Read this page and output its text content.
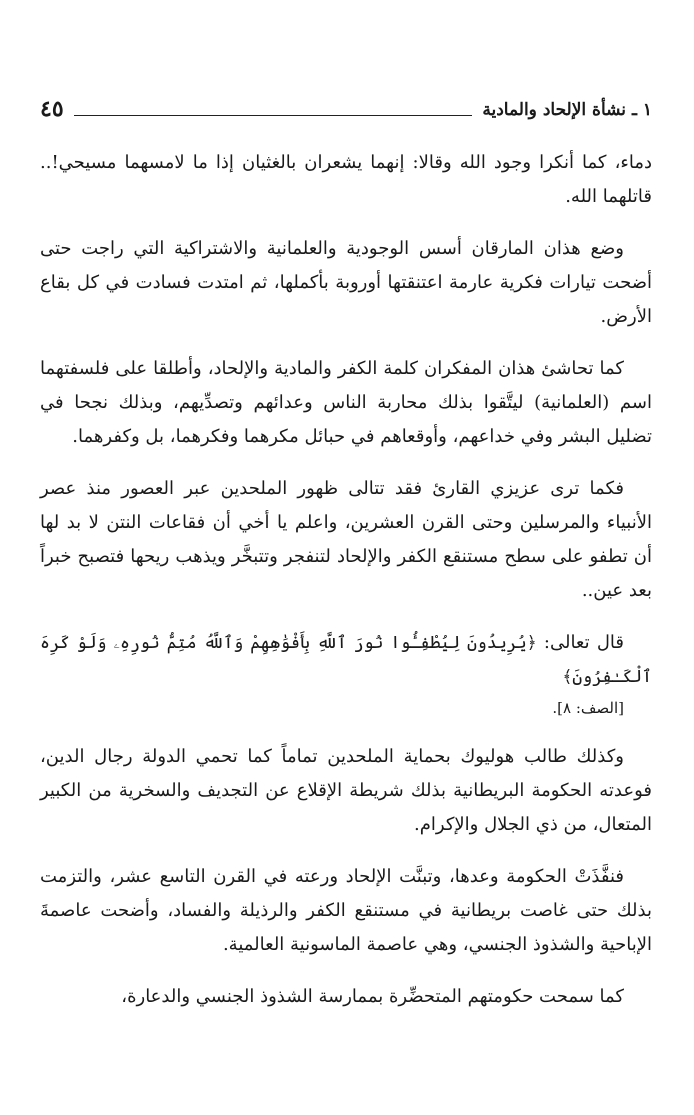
١ ـ نشأة الإلحاد والمادية
٤٥

دماء، كما أنكرا وجود الله وقالا: إنهما يشعران بالغثيان إذا ما لامسهما مسيحي!.. قاتلهما الله.

وضع هذان المارقان أسس الوجودية والعلمانية والاشتراكية التي راجت حتى أضحت تيارات فكرية عارمة اعتنقتها أوروبة بأكملها، ثم امتدت فسادت في كل بقاع الأرض.

كما تحاشئ هذان المفكران كلمة الكفر والمادية والإلحاد، وأطلقا على فلسفتهما اسم (العلمانية) ليتَّقوا بذلك محاربة الناس وعدائهم وتصدِّيهم، وبذلك نجحا في تضليل البشر وفي خداعهم، وأوقعاهم في حبائل مكرهما وفكرهما، بل وكفرهما.

فكما ترى عزيزي القارئ فقد تتالى ظهور الملحدين عبر العصور منذ عصر الأنبياء والمرسلين وحتى القرن العشرين، واعلم يا أخي أن فقاعات النتن لا بد لها أن تطفو على سطح مستنقع الكفر والإلحاد لتنفجر وتتبخَّر ويذهب ريحها فتصبح خبراً بعد عين..

قال تعالى: ﴿يُرِيدُونَ لِيُطْفِـُٔوا نُورَ ٱللَّهِ بِأَفْوَٰهِهِمْ وَٱللَّهُ مُتِمُّ نُورِهِۦ وَلَوْ كَرِهَ ٱلْكَـٰفِرُونَ﴾
[الصف: ٨].

وكذلك طالب هوليوك بحماية الملحدين تماماً كما تحمي الدولة رجال الدين، فوعدته الحكومة البريطانية بذلك شريطة الإقلاع عن التجديف والسخرية من الكبير المتعال، من ذي الجلال والإكرام.

فنفَّذَتْ الحكومة وعدها، وتبنَّت الإلحاد ورعته في القرن التاسع عشر، والتزمت بذلك حتى غاصت بريطانية في مستنقع الكفر والرذيلة والفساد، وأضحت عاصمةَ الإباحية والشذوذ الجنسي، وهي عاصمة الماسونية العالمية.

كما سمحت حكومتهم المتحضِّرة بممارسة الشذوذ الجنسي والدعارة،
